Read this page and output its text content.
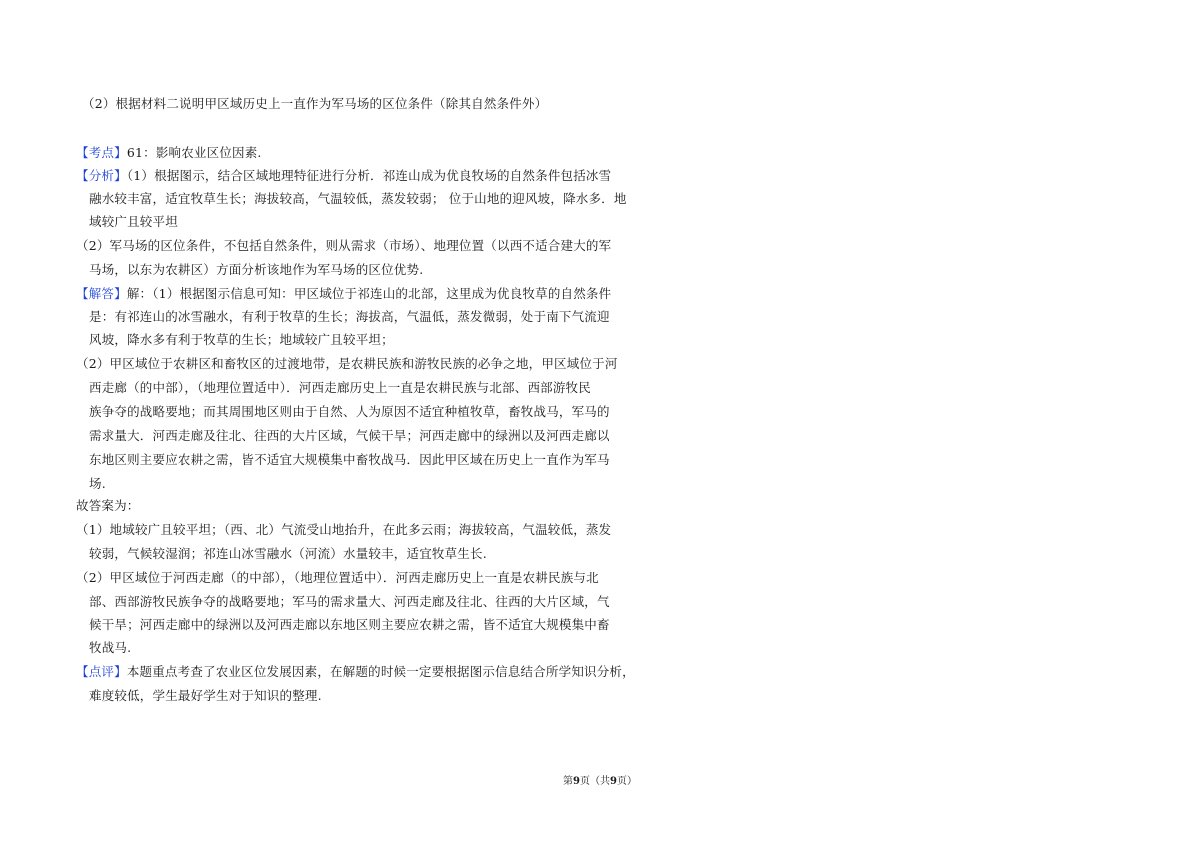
（2）根据材料二说明甲区域历史上一直作为军马场的区位条件（除其自然条件外）
【考点】61：影响农业区位因素.
【分析】（1）根据图示，结合区域地理特征进行分析．祁连山成为优良牧场的自然条件包括冰雪
融水较丰富，适宜牧草生长；海拔较高，气温较低，蒸发较弱； 位于山地的迎风坡，降水多．地
域较广且较平坦
（2）军马场的区位条件，不包括自然条件，则从需求（市场）、地理位置（以西不适合建大的军
马场，以东为农耕区）方面分析该地作为军马场的区位优势.
【解答】解：（1）根据图示信息可知：甲区域位于祁连山的北部，这里成为优良牧草的自然条件
是：有祁连山的冰雪融水，有利于牧草的生长；海拔高，气温低，蒸发微弱，处于南下气流迎
风坡，降水多有利于牧草的生长；地域较广且较平坦；
（2）甲区域位于农耕区和畜牧区的过渡地带，是农耕民族和游牧民族的必争之地，甲区域位于河
西走廊（的中部），（地理位置适中）．河西走廊历史上一直是农耕民族与北部、西部游牧民
族争夺的战略要地；而其周围地区则由于自然、人为原因不适宜种植牧草，畜牧战马，军马的
需求量大．河西走廊及往北、往西的大片区域，气候干旱；河西走廊中的绿洲以及河西走廊以
东地区则主要应农耕之需，皆不适宜大规模集中畜牧战马．因此甲区域在历史上一直作为军马
场.
故答案为：
（1）地域较广且较平坦；（西、北）气流受山地抬升，在此多云雨；海拔较高，气温较低，蒸发
较弱，气候较湿润；祁连山冰雪融水（河流）水量较丰，适宜牧草生长.
（2）甲区域位于河西走廊（的中部），（地理位置适中）．河西走廊历史上一直是农耕民族与北
部、西部游牧民族争夺的战略要地；军马的需求量大、河西走廊及往北、往西的大片区域，气
候干旱；河西走廊中的绿洲以及河西走廊以东地区则主要应农耕之需，皆不适宜大规模集中畜
牧战马.
【点评】本题重点考查了农业区位发展因素，在解题的时候一定要根据图示信息结合所学知识分析，
难度较低，学生最好学生对于知识的整理.
第9页（共9页）
